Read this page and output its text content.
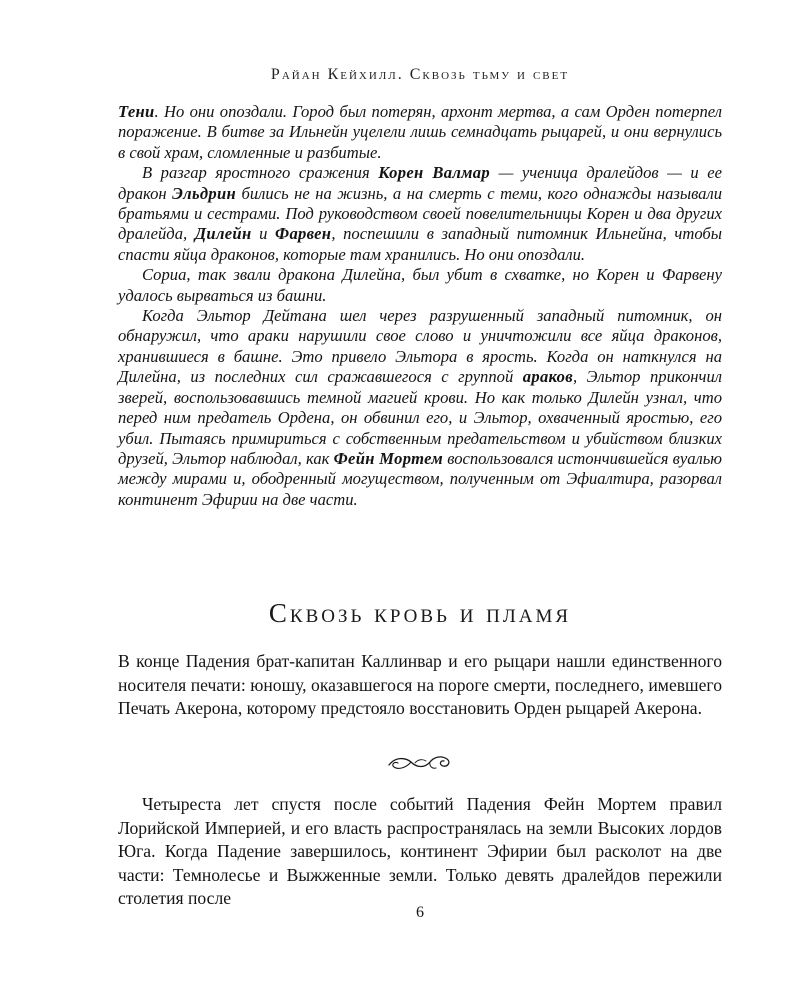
Райан Кейхилл. Сквозь тьму и свет

Тени. Но они опоздали. Город был потерян, архонт мертва, а сам Орден потерпел поражение. В битве за Ильнейн уцелели лишь семнадцать рыцарей, и они вернулись в свой храм, сломленные и разбитые.

В разгар яростного сражения Корен Валмар — ученица дралейдов — и ее дракон Эльдрин бились не на жизнь, а на смерть с теми, кого однажды называли братьями и сестрами. Под руководством своей повелительницы Корен и два других дралейда, Дилейн и Фарвен, поспешили в западный питомник Ильнейна, чтобы спасти яйца драконов, которые там хранились. Но они опоздали.

Сориа, так звали дракона Дилейна, был убит в схватке, но Корен и Фарвену удалось вырваться из башни.

Когда Эльтор Дейтана шел через разрушенный западный питомник, он обнаружил, что араки нарушили свое слово и уничтожили все яйца драконов, хранившиеся в башне. Это привело Эльтора в ярость. Когда он наткнулся на Дилейна, из последних сил сражавшегося с группой араков, Эльтор прикончил зверей, воспользовавшись темной магией крови. Но как только Дилейн узнал, что перед ним предатель Ордена, он обвинил его, и Эльтор, охваченный яростью, его убил. Пытаясь примириться с собственным предательством и убийством близких друзей, Эльтор наблюдал, как Фейн Мортем воспользовался истончившейся вуалью между мирами и, ободренный могуществом, полученным от Эфиалтира, разорвал континент Эфирии на две части.

Сквозь кровь и пламя

В конце Падения брат-капитан Каллинвар и его рыцари нашли единственного носителя печати: юношу, оказавшегося на пороге смерти, последнего, имевшего Печать Акерона, которому предстояло восстановить Орден рыцарей Акерона.

Четыреста лет спустя после событий Падения Фейн Мортем правил Лорийской Империей, и его власть распространялась на земли Высоких лордов Юга. Когда Падение завершилось, континент Эфирии был расколот на две части: Темнолесье и Выжженные земли. Только девять дралейдов пережили столетия после

6
